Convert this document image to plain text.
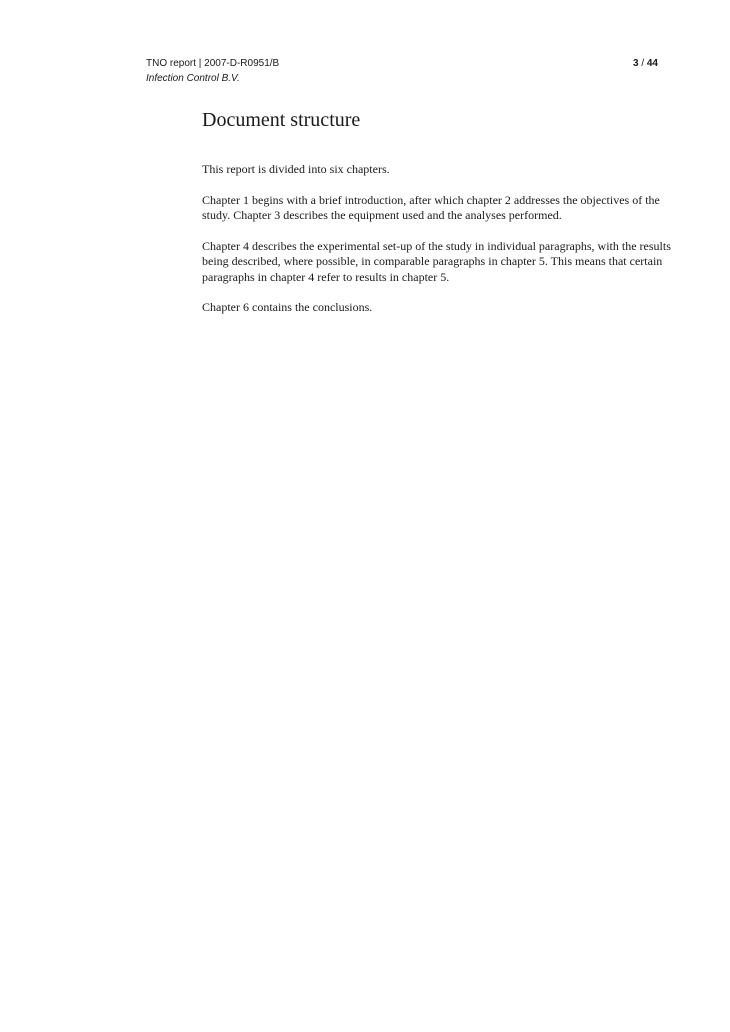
TNO report | 2007-D-R0951/B
Infection Control B.V.
3 / 44
Document structure

This report is divided into six chapters.

Chapter 1 begins with a brief introduction, after which chapter 2 addresses the objectives of the study. Chapter 3 describes the equipment used and the analyses performed.

Chapter 4 describes the experimental set-up of the study in individual paragraphs, with the results being described, where possible, in comparable paragraphs in chapter 5. This means that certain paragraphs in chapter 4 refer to results in chapter 5.

Chapter 6 contains the conclusions.
